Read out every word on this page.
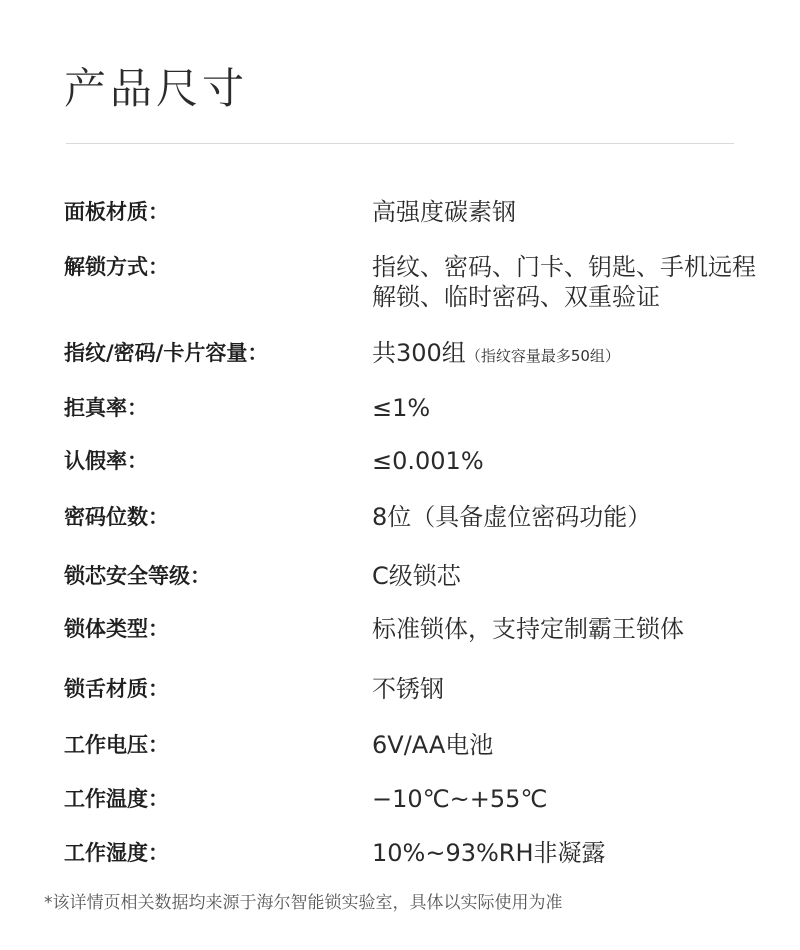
产品尺寸
面板材质：	高强度碳素钢
解锁方式：	指纹、密码、门卡、钥匙、手机远程
解锁、临时密码、双重验证
指纹/密码/卡片容量：	共300组（指纹容量最多50组）
拒真率：	≤1%
认假率：	≤0.001%
密码位数：	8位（具备虚位密码功能）
锁芯安全等级：	C级锁芯
锁体类型：	标准锁体，支持定制霸王锁体
锁舌材质：	不锈钢
工作电压：	6V/AA电池
工作温度：	−10℃~+55℃
工作湿度：	10%~93%RH非凝露
*该详情页相关数据均来源于海尔智能锁实验室，具体以实际使用为准
